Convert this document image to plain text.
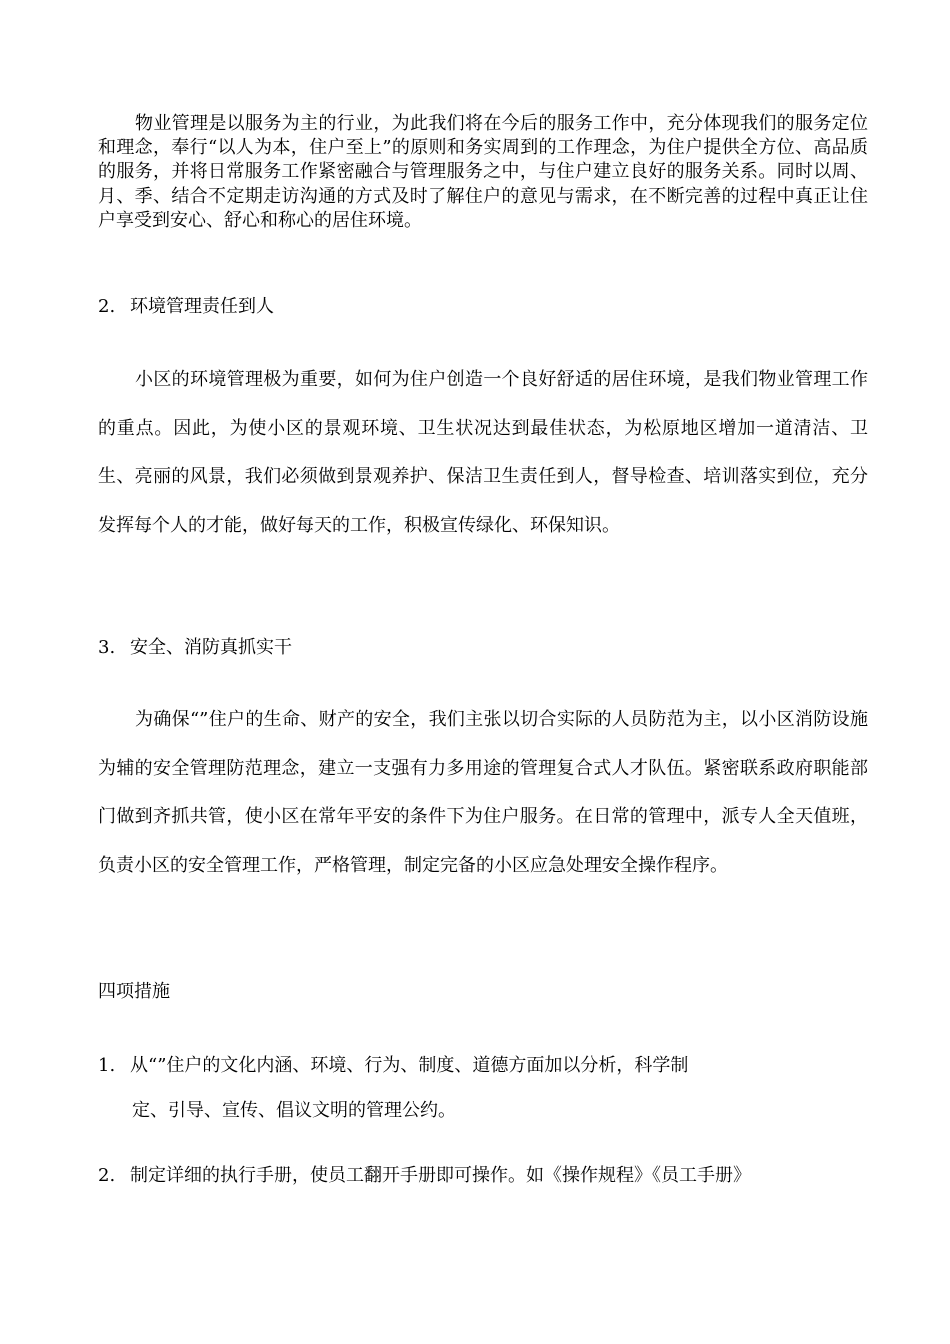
物业管理是以服务为主的行业，为此我们将在今后的服务工作中，充分体现我们的服务定位和理念，奉行“以人为本，住户至上”的原则和务实周到的工作理念，为住户提供全方位、高品质的服务，并将日常服务工作紧密融合与管理服务之中，与住户建立良好的服务关系。同时以周、月、季、结合不定期走访沟通的方式及时了解住户的意见与需求，在不断完善的过程中真正让住户享受到安心、舒心和称心的居住环境。

2. 环境管理责任到人

小区的环境管理极为重要，如何为住户创造一个良好舒适的居住环境，是我们物业管理工作的重点。因此，为使小区的景观环境、卫生状况达到最佳状态，为松原地区增加一道清洁、卫生、亮丽的风景，我们必须做到景观养护、保洁卫生责任到人，督导检查、培训落实到位，充分发挥每个人的才能，做好每天的工作，积极宣传绿化、环保知识。

3. 安全、消防真抓实干

为确保“”住户的生命、财产的安全，我们主张以切合实际的人员防范为主，以小区消防设施为辅的安全管理防范理念，建立一支强有力多用途的管理复合式人才队伍。紧密联系政府职能部门做到齐抓共管，使小区在常年平安的条件下为住户服务。在日常的管理中，派专人全天值班，负责小区的安全管理工作，严格管理，制定完备的小区应急处理安全操作程序。

四项措施
1. 从“”住户的文化内涵、环境、行为、制度、道德方面加以分析，科学制
定、引导、宣传、倡议文明的管理公约。
2. 制定详细的执行手册，使员工翻开手册即可操作。如《操作规程》《员工手册》
